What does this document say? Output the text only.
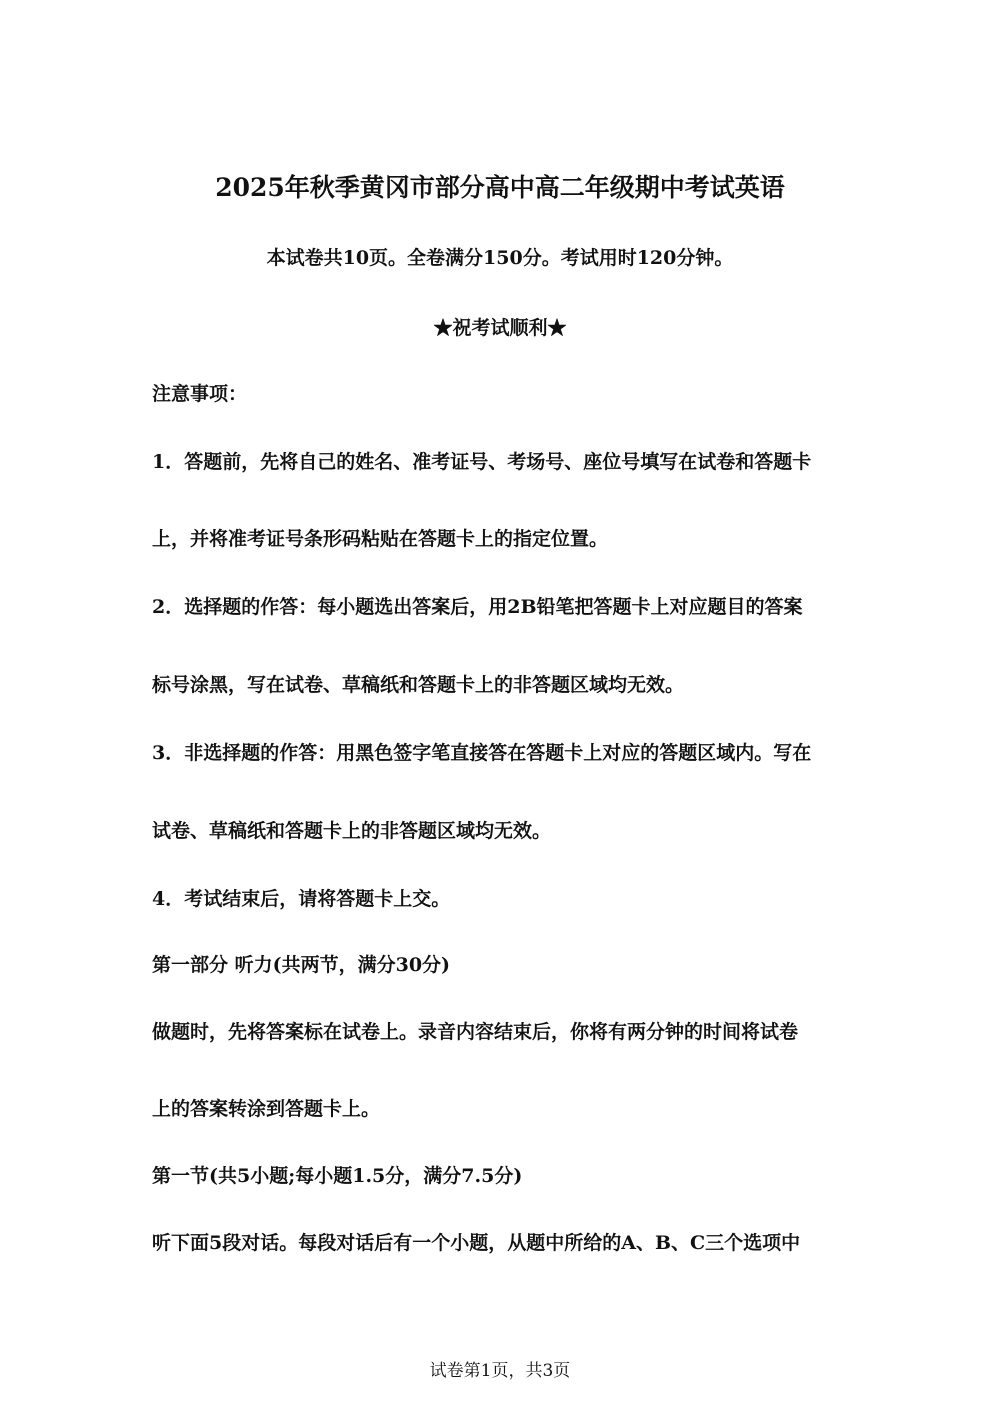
2025年秋季黄冈市部分高中高二年级期中考试英语
本试卷共10页。全卷满分150分。考试用时120分钟。
★祝考试顺利★
注意事项：
1．答题前，先将自己的姓名、准考证号、考场号、座位号填写在试卷和答题卡
上，并将准考证号条形码粘贴在答题卡上的指定位置。
2．选择题的作答：每小题选出答案后，用2B铅笔把答题卡上对应题目的答案
标号涂黑，写在试卷、草稿纸和答题卡上的非答题区域均无效。
3．非选择题的作答：用黑色签字笔直接答在答题卡上对应的答题区域内。写在
试卷、草稿纸和答题卡上的非答题区域均无效。
4．考试结束后，请将答题卡上交。
第一部分 听力(共两节，满分30分)
做题时，先将答案标在试卷上。录音内容结束后，你将有两分钟的时间将试卷
上的答案转涂到答题卡上。
第一节(共5小题;每小题1.5分，满分7.5分)
听下面5段对话。每段对话后有一个小题，从题中所给的A、B、C三个选项中
试卷第1页，共3页
